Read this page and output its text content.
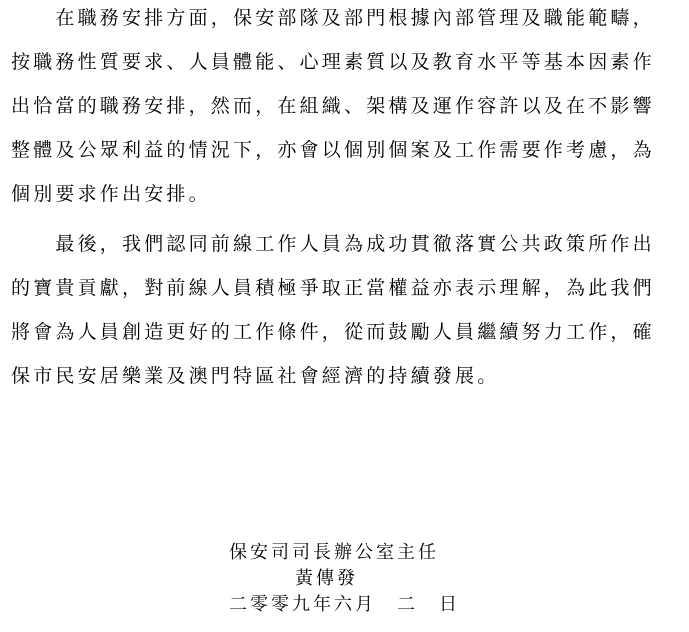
　　在職務安排方面，保安部隊及部門根據內部管理及職能範疇，
按職務性質要求、人員體能、心理素質以及教育水平等基本因素作
出恰當的職務安排，然而，在組織、架構及運作容許以及在不影響
整體及公眾利益的情況下，亦會以個別個案及工作需要作考慮，為
個別要求作出安排。
　　最後，我們認同前線工作人員為成功貫徹落實公共政策所作出
的寶貴貢獻，對前線人員積極爭取正當權益亦表示理解，為此我們
將會為人員創造更好的工作條件，從而鼓勵人員繼續努力工作，確
保市民安居樂業及澳門特區社會經濟的持續發展。
保安司司長辦公室主任
黃傳發
二零零九年六月　二　日
